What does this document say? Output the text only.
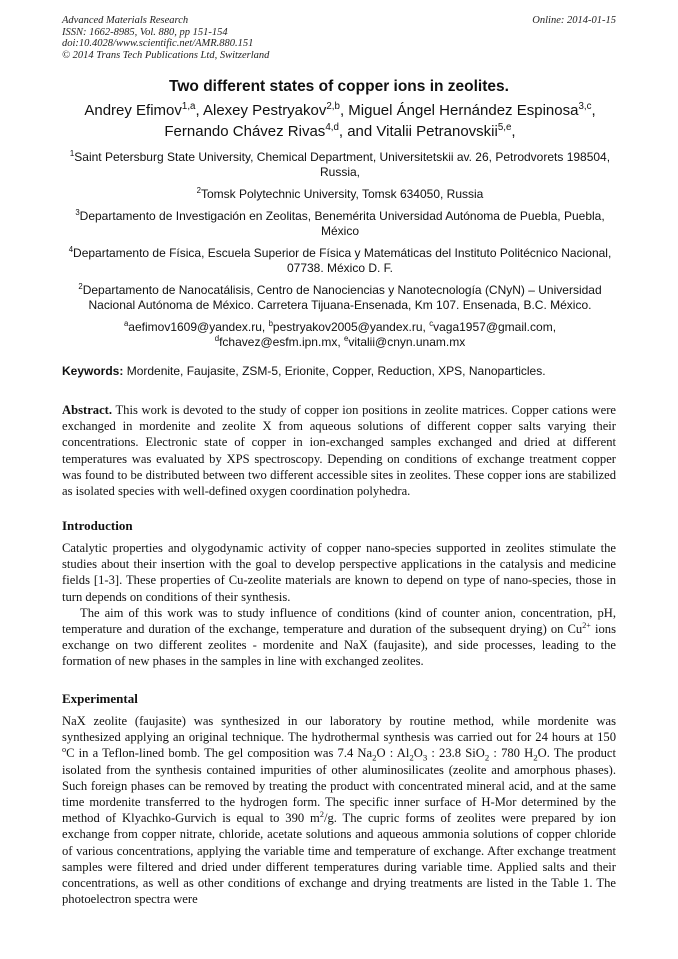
Advanced Materials Research
ISSN: 1662-8985, Vol. 880, pp 151-154
doi:10.4028/www.scientific.net/AMR.880.151
© 2014 Trans Tech Publications Ltd, Switzerland
Online: 2014-01-15
Two different states of copper ions in zeolites.
Andrey Efimov$^{1,a}$, Alexey Pestryakov$^{2,b}$, Miguel Ángel Hernández Espinosa$^{3,c}$,
Fernando Chávez Rivas$^{4,d}$, and Vitalii Petranovskii$^{5,e}$,
$^1$Saint Petersburg State University, Chemical Department, Universitetskii av. 26, Petrodvorets 198504, Russia,
$^2$Tomsk Polytechnic University, Tomsk 634050, Russia
$^3$Departamento de Investigación en Zeolitas, Benemérita Universidad Autónoma de Puebla, Puebla, México
$^4$Departamento de Física, Escuela Superior de Física y Matemáticas del Instituto Politécnico Nacional, 07738. México D. F.
$^2$Departamento de Nanocatálisis, Centro de Nanociencias y Nanotecnología (CNyN) – Universidad Nacional Autónoma de México. Carretera Tijuana-Ensenada, Km 107. Ensenada, B.C. México.
$^a$aefimov1609@yandex.ru, $^b$pestryakov2005@yandex.ru, $^c$vaga1957@gmail.com,
$^d$fchavez@esfm.ipn.mx, $^e$vitalii@cnyn.unam.mx
Keywords: Mordenite, Faujasite, ZSM-5, Erionite, Copper, Reduction, XPS, Nanoparticles.
Abstract. This work is devoted to the study of copper ion positions in zeolite matrices. Copper cations were exchanged in mordenite and zeolite X from aqueous solutions of different copper salts varying their concentrations. Electronic state of copper in ion-exchanged samples exchanged and dried at different temperatures was evaluated by XPS spectroscopy. Depending on conditions of exchange treatment copper was found to be distributed between two different accessible sites in zeolites. These copper ions are stabilized as isolated species with well-defined oxygen coordination polyhedra.
Introduction

Catalytic properties and olygodynamic activity of copper nano-species supported in zeolites stimulate the studies about their insertion with the goal to develop perspective applications in the catalysis and medicine fields [1-3]. These properties of Cu-zeolite materials are known to depend on type of nano-species, those in turn depends on conditions of their synthesis.

The aim of this work was to study influence of conditions (kind of counter anion, concentration, pH, temperature and duration of the exchange, temperature and duration of the subsequent drying) on $Cu^{2+}$ ions exchange on two different zeolites - mordenite and NaX (faujasite), and side processes, leading to the formation of new phases in the samples in line with exchanged zeolites.

Experimental

NaX zeolite (faujasite) was synthesized in our laboratory by routine method, while mordenite was synthesized applying an original technique. The hydrothermal synthesis was carried out for 24 hours at 150 $^o$C in a Teflon-lined bomb. The gel composition was 7.4 $Na_2O$ : $Al_2O_3$ : 23.8 SiO$_2$ : 780 $H_2O$. The product isolated from the synthesis contained impurities of other aluminosilicates (zeolite and amorphous phases). Such foreign phases can be removed by treating the product with concentrated mineral acid, and at the same time mordenite transferred to the hydrogen form. The specific inner surface of H-Mor determined by the method of Klyachko-Gurvich is equal to 390 $m^2/g$. The cupric forms of zeolites were prepared by ion exchange from copper nitrate, chloride, acetate solutions and aqueous ammonia solutions of copper chloride of various concentrations, applying the variable time and temperature of exchange. After exchange treatment samples were filtered and dried under different temperatures during variable time. Applied salts and their concentrations, as well as other conditions of exchange and drying treatments are listed in the Table 1. The photoelectron spectra were
